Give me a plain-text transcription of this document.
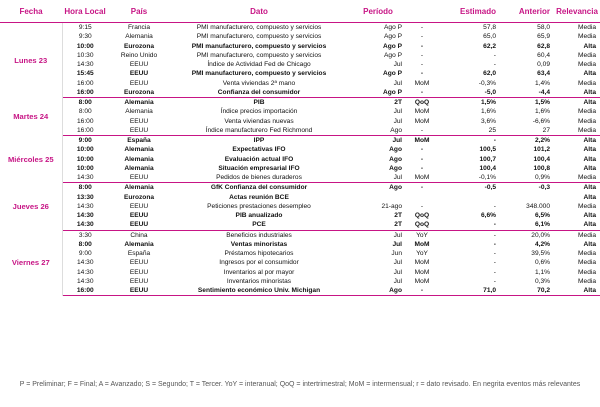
Fecha	Hora Local	País	Dato	Período		Estimado	Anterior	Relevancia
Lunes 23	9:15	Francia	PMI manufacturero, compuesto y servicios	Ago P	-	57,8	58,0	Media
	9:30	Alemania	PMI manufacturero, compuesto y servicios	Ago P	-	65,0	65,9	Media
	10:00	Eurozona	PMI manufacturero, compuesto y servicios	Ago P	-	62,2	62,8	Alta
	10:30	Reino Unido	PMI manufacturero, compuesto y servicios	Ago P	-	-	60,4	Media
	14:30	EEUU	Índice de Actividad Fed de Chicago	Jul	-	-	0,09	Media
	15:45	EEUU	PMI manufacturero, compuesto y servicios	Ago P	-	62,0	63,4	Alta
	16:00	EEUU	Venta viviendas 2ª mano	Jul	MoM	-0,3%	1,4%	Media
	16:00	Eurozona	Confianza del consumidor	Ago P	-	-5,0	-4,4	Alta
Martes 24	8:00	Alemania	PIB	2T	QoQ	1,5%	1,5%	Alta
	8:00	Alemania	Índice precios importación	Jul	MoM	1,6%	1,6%	Media
	16:00	EEUU	Venta viviendas nuevas	Jul	MoM	3,6%	-6,6%	Media
	16:00	EEUU	Índice manufacturero Fed Richmond	Ago	-	25	27	Media
Miércoles 25	9:00	España	IPP	Jul	MoM	-	2,2%	Alta
	10:00	Alemania	Expectativas IFO	Ago	-	100,5	101,2	Alta
	10:00	Alemania	Evaluación actual IFO	Ago	-	100,7	100,4	Alta
	10:00	Alemania	Situación empresarial IFO	Ago	-	100,4	100,8	Alta
	14:30	EEUU	Pedidos de bienes duraderos	Jul	MoM	-0,1%	0,9%	Media
Jueves 26	8:00	Alemania	GfK Confianza del consumidor	Ago	-	-0,5	-0,3	Alta
	13:30	Eurozona	Actas reunión BCE					Alta
	14:30	EEUU	Peticiones prestaciones desempleo	21-ago	-	-	348.000	Media
	14:30	EEUU	PIB anualizado	2T	QoQ	6,6%	6,5%	Alta
	14:30	EEUU	PCE	2T	QoQ	-	6,1%	Alta
Viernes 27	3:30	China	Beneficios industriales	Jul	YoY	-	20,0%	Media
	8:00	Alemania	Ventas minoristas	Jul	MoM	-	4,2%	Alta
	9:00	España	Préstamos hipotecarios	Jun	YoY	-	39,5%	Media
	14:30	EEUU	Ingresos por el consumidor	Jul	MoM	-	0,6%	Media
	14:30	EEUU	Inventarios al por mayor	Jul	MoM	-	1,1%	Media
	14:30	EEUU	Inventarios minoristas	Jul	MoM	-	0,3%	Media
	16:00	EEUU	Sentimiento económico Univ. Michigan	Ago	-	71,0	70,2	Alta
P = Preliminar; F = Final; A = Avanzado; S = Segundo; T = Tercer. YoY = interanual; QoQ = intertrimestral; MoM = intermensual; r = dato revisado. En negrita eventos más relevantes
